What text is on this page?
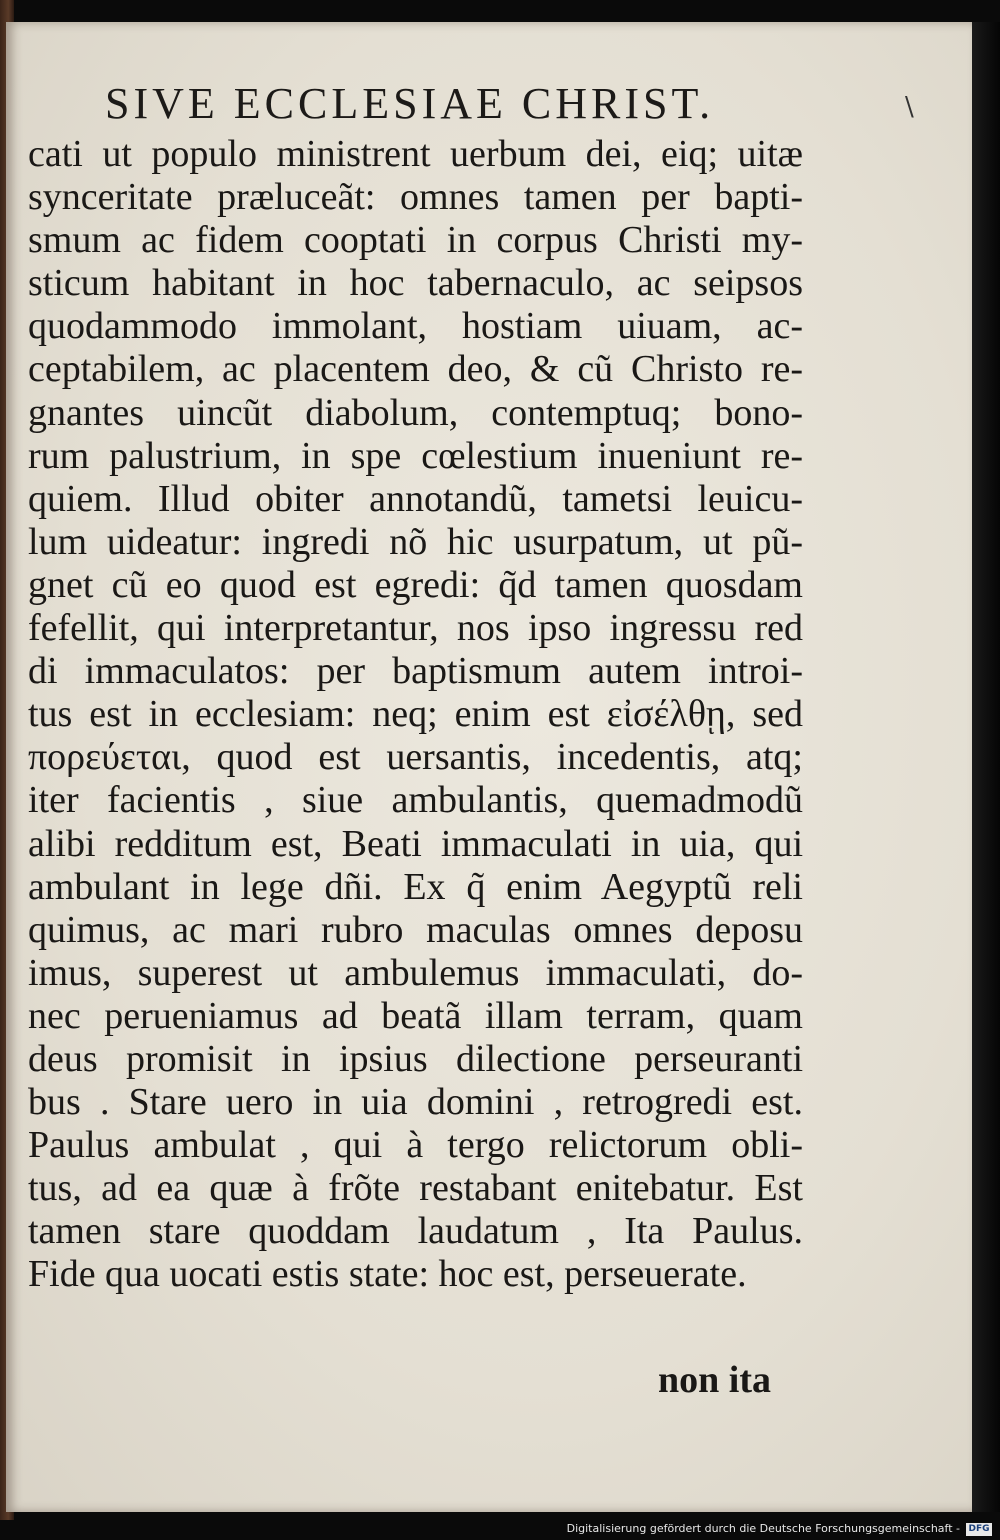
SIVE ECCLESIAE CHRIST.	\
cati ut populo ministrent uerbum dei, eiq; uitæ
synceritate præluceãt: omnes tamen per bapti-
smum ac fidem cooptati in corpus Christi my-
sticum habitant in hoc tabernaculo, ac seipsos
quodammodo immolant, hostiam uiuam, ac-
ceptabilem, ac placentem deo, & cũ Christo re-
gnantes uincũt diabolum, contemptuq; bono-
rum palustrium, in spe cœlestium inueniunt re-
quiem. Illud obiter annotandũ, tametsi leuicu-
lum uideatur: ingredi nõ hic usurpatum, ut pũ-
gnet cũ eo quod est egredi: q̃d tamen quosdam
fefellit, qui interpretantur, nos ipso ingressu red
di immaculatos: per baptismum autem introi-
tus est in ecclesiam: neq; enim est εἰσέλθῃ, sed
πορεύεται, quod est uersantis, incedentis, atq;
iter facientis , siue ambulantis, quemadmodũ
alibi redditum est, Beati immaculati in uia, qui
ambulant in lege dñi. Ex q̃ enim Aegyptũ reli
quimus, ac mari rubro maculas omnes deposu
imus, superest ut ambulemus immaculati, do-
nec perueniamus ad beatã illam terram, quam
deus promisit in ipsius dilectione perseuranti
bus . Stare uero in uia domini , retrogredi est.
Paulus ambulat , qui à tergo relictorum obli-
tus, ad ea quæ à frõte restabant enitebatur. Est
tamen stare quoddam laudatum , Ita Paulus.
Fide qua uocati estis state: hoc est, perseuerate.
non ita
Digitalisierung gefördert durch die Deutsche Forschungsgemeinschaft - DFG
